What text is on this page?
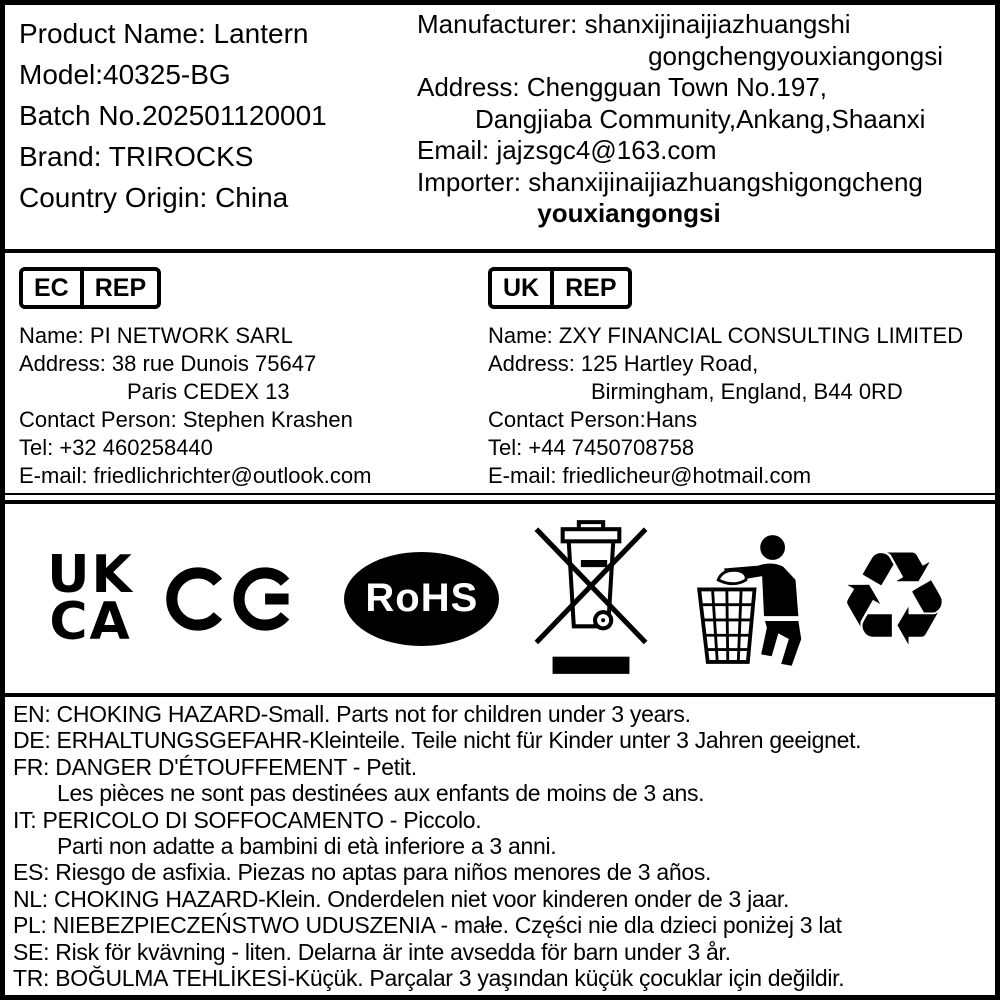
Product Name: Lantern
Model:40325-BG
Batch No.202501120001
Brand: TRIROCKS
Country Origin: China
Manufacturer: shanxijinaijiazhuangshi
gongchengyouxiangongsi
Address: Chengguan Town No.197,
Dangjiaba Community,Ankang,Shaanxi
Email: jajzsgc4@163.com
Importer: shanxijinaijiazhuangshigongcheng
youxiangongsi
EC	REP
Name: PI NETWORK SARL
Address: 38 rue Dunois 75647
Paris CEDEX 13
Contact Person: Stephen Krashen
Tel: +32 460258440
E-mail: friedlichrichter@outlook.com
UK	REP
Name: ZXY FINANCIAL CONSULTING LIMITED
Address: 125 Hartley Road,
Birmingham, England, B44 0RD
Contact Person:Hans
Tel: +44 7450708758
E-mail: friedlicheur@hotmail.com
UK
CA	RoHS	♻
EN: CHOKING HAZARD-Small. Parts not for children under 3 years.
DE: ERHALTUNGSGEFAHR-Kleinteile. Teile nicht für Kinder unter 3 Jahren geeignet.
FR: DANGER D'ÉTOUFFEMENT - Petit.
Les pièces ne sont pas destinées aux enfants de moins de 3 ans.
IT: PERICOLO DI SOFFOCAMENTO - Piccolo.
Parti non adatte a bambini di età inferiore a 3 anni.
ES: Riesgo de asfixia. Piezas no aptas para niños menores de 3 años.
NL: CHOKING HAZARD-Klein. Onderdelen niet voor kinderen onder de 3 jaar.
PL: NIEBEZPIECZEŃSTWO UDUSZENIA - małe. Części nie dla dzieci poniżej 3 lat
SE: Risk för kvävning - liten. Delarna är inte avsedda för barn under 3 år.
TR: BOĞULMA TEHLİKESİ-Küçük. Parçalar 3 yaşından küçük çocuklar için değildir.
